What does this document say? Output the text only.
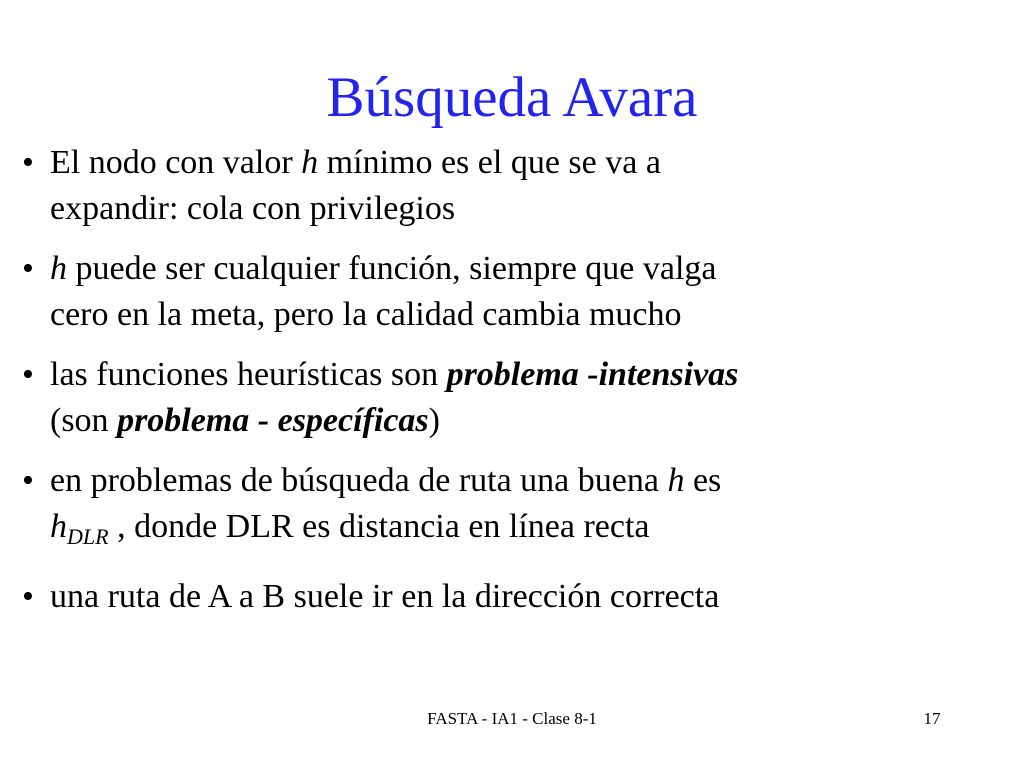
Búsqueda Avara
• El nodo con valor h mínimo es el que se va a
expandir: cola con privilegios
• h puede ser cualquier función, siempre que valga
cero en la meta, pero la calidad cambia mucho
• las funciones heurísticas son problema -intensivas
(son problema - específicas)
• en problemas de búsqueda de ruta una buena h es
$h_{DLR}$ , donde DLR es distancia en línea recta
• una ruta de A a B suele ir en la dirección correcta
FASTA - IA1 - Clase 8-1	17
